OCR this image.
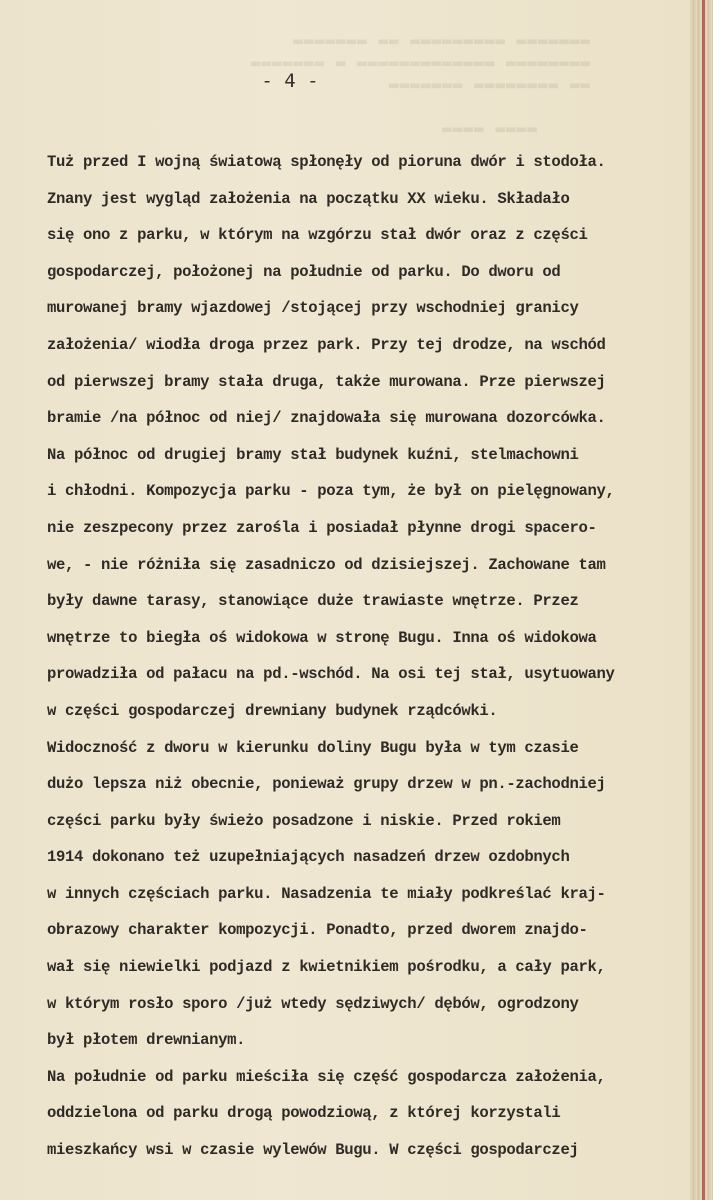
▬▬▬▬▬▬▬ ▬▬▬▬▬▬▬▬▬ ▬▬ ▬▬▬▬▬▬▬
▬▬▬▬▬▬▬▬ ▬▬▬▬▬▬▬▬▬▬▬▬▬ ▬ ▬▬▬▬▬▬▬
▬▬ ▬▬▬▬▬▬▬▬ ▬▬▬▬▬▬▬

▬▬▬▬ ▬▬▬▬
- 4 -
Tuż przed I wojną światową spłonęły od pioruna dwór i stodoła.
Znany jest wygląd założenia na początku XX wieku. Składało
się ono z parku, w którym na wzgórzu stał dwór oraz z części
gospodarczej, położonej na południe od parku. Do dworu od
murowanej bramy wjazdowej /stojącej przy wschodniej granicy
założenia/ wiodła droga przez park. Przy tej drodze, na wschód
od pierwszej bramy stała druga, także murowana. Prze pierwszej
bramie /na północ od niej/ znajdowała się murowana dozorcówka.
Na północ od drugiej bramy stał budynek kuźni, stelmachowni
i chłodni. Kompozycja parku - poza tym, że był on pielęgnowany,
nie zeszpecony przez zarośla i posiadał płynne drogi spacero-
we, - nie różniła się zasadniczo od dzisiejszej. Zachowane tam
były dawne tarasy, stanowiące duże trawiaste wnętrze. Przez
wnętrze to biegła oś widokowa w stronę Bugu. Inna oś widokowa
prowadziła od pałacu na pd.-wschód. Na osi tej stał, usytuowany
w części gospodarczej drewniany budynek rządcówki.
Widoczność z dworu w kierunku doliny Bugu była w tym czasie
dużo lepsza niż obecnie, ponieważ grupy drzew w pn.-zachodniej
części parku były świeżo posadzone i niskie. Przed rokiem
1914 dokonano też uzupełniających nasadzeń drzew ozdobnych
w innych częściach parku. Nasadzenia te miały podkreślać kraj-
obrazowy charakter kompozycji. Ponadto, przed dworem znajdo-
wał się niewielki podjazd z kwietnikiem pośrodku, a cały park,
w którym rosło sporo /już wtedy sędziwych/ dębów, ogrodzony
był płotem drewnianym.
Na południe od parku mieściła się część gospodarcza założenia,
oddzielona od parku drogą powodziową, z której korzystali
mieszkańcy wsi w czasie wylewów Bugu. W części gospodarczej
